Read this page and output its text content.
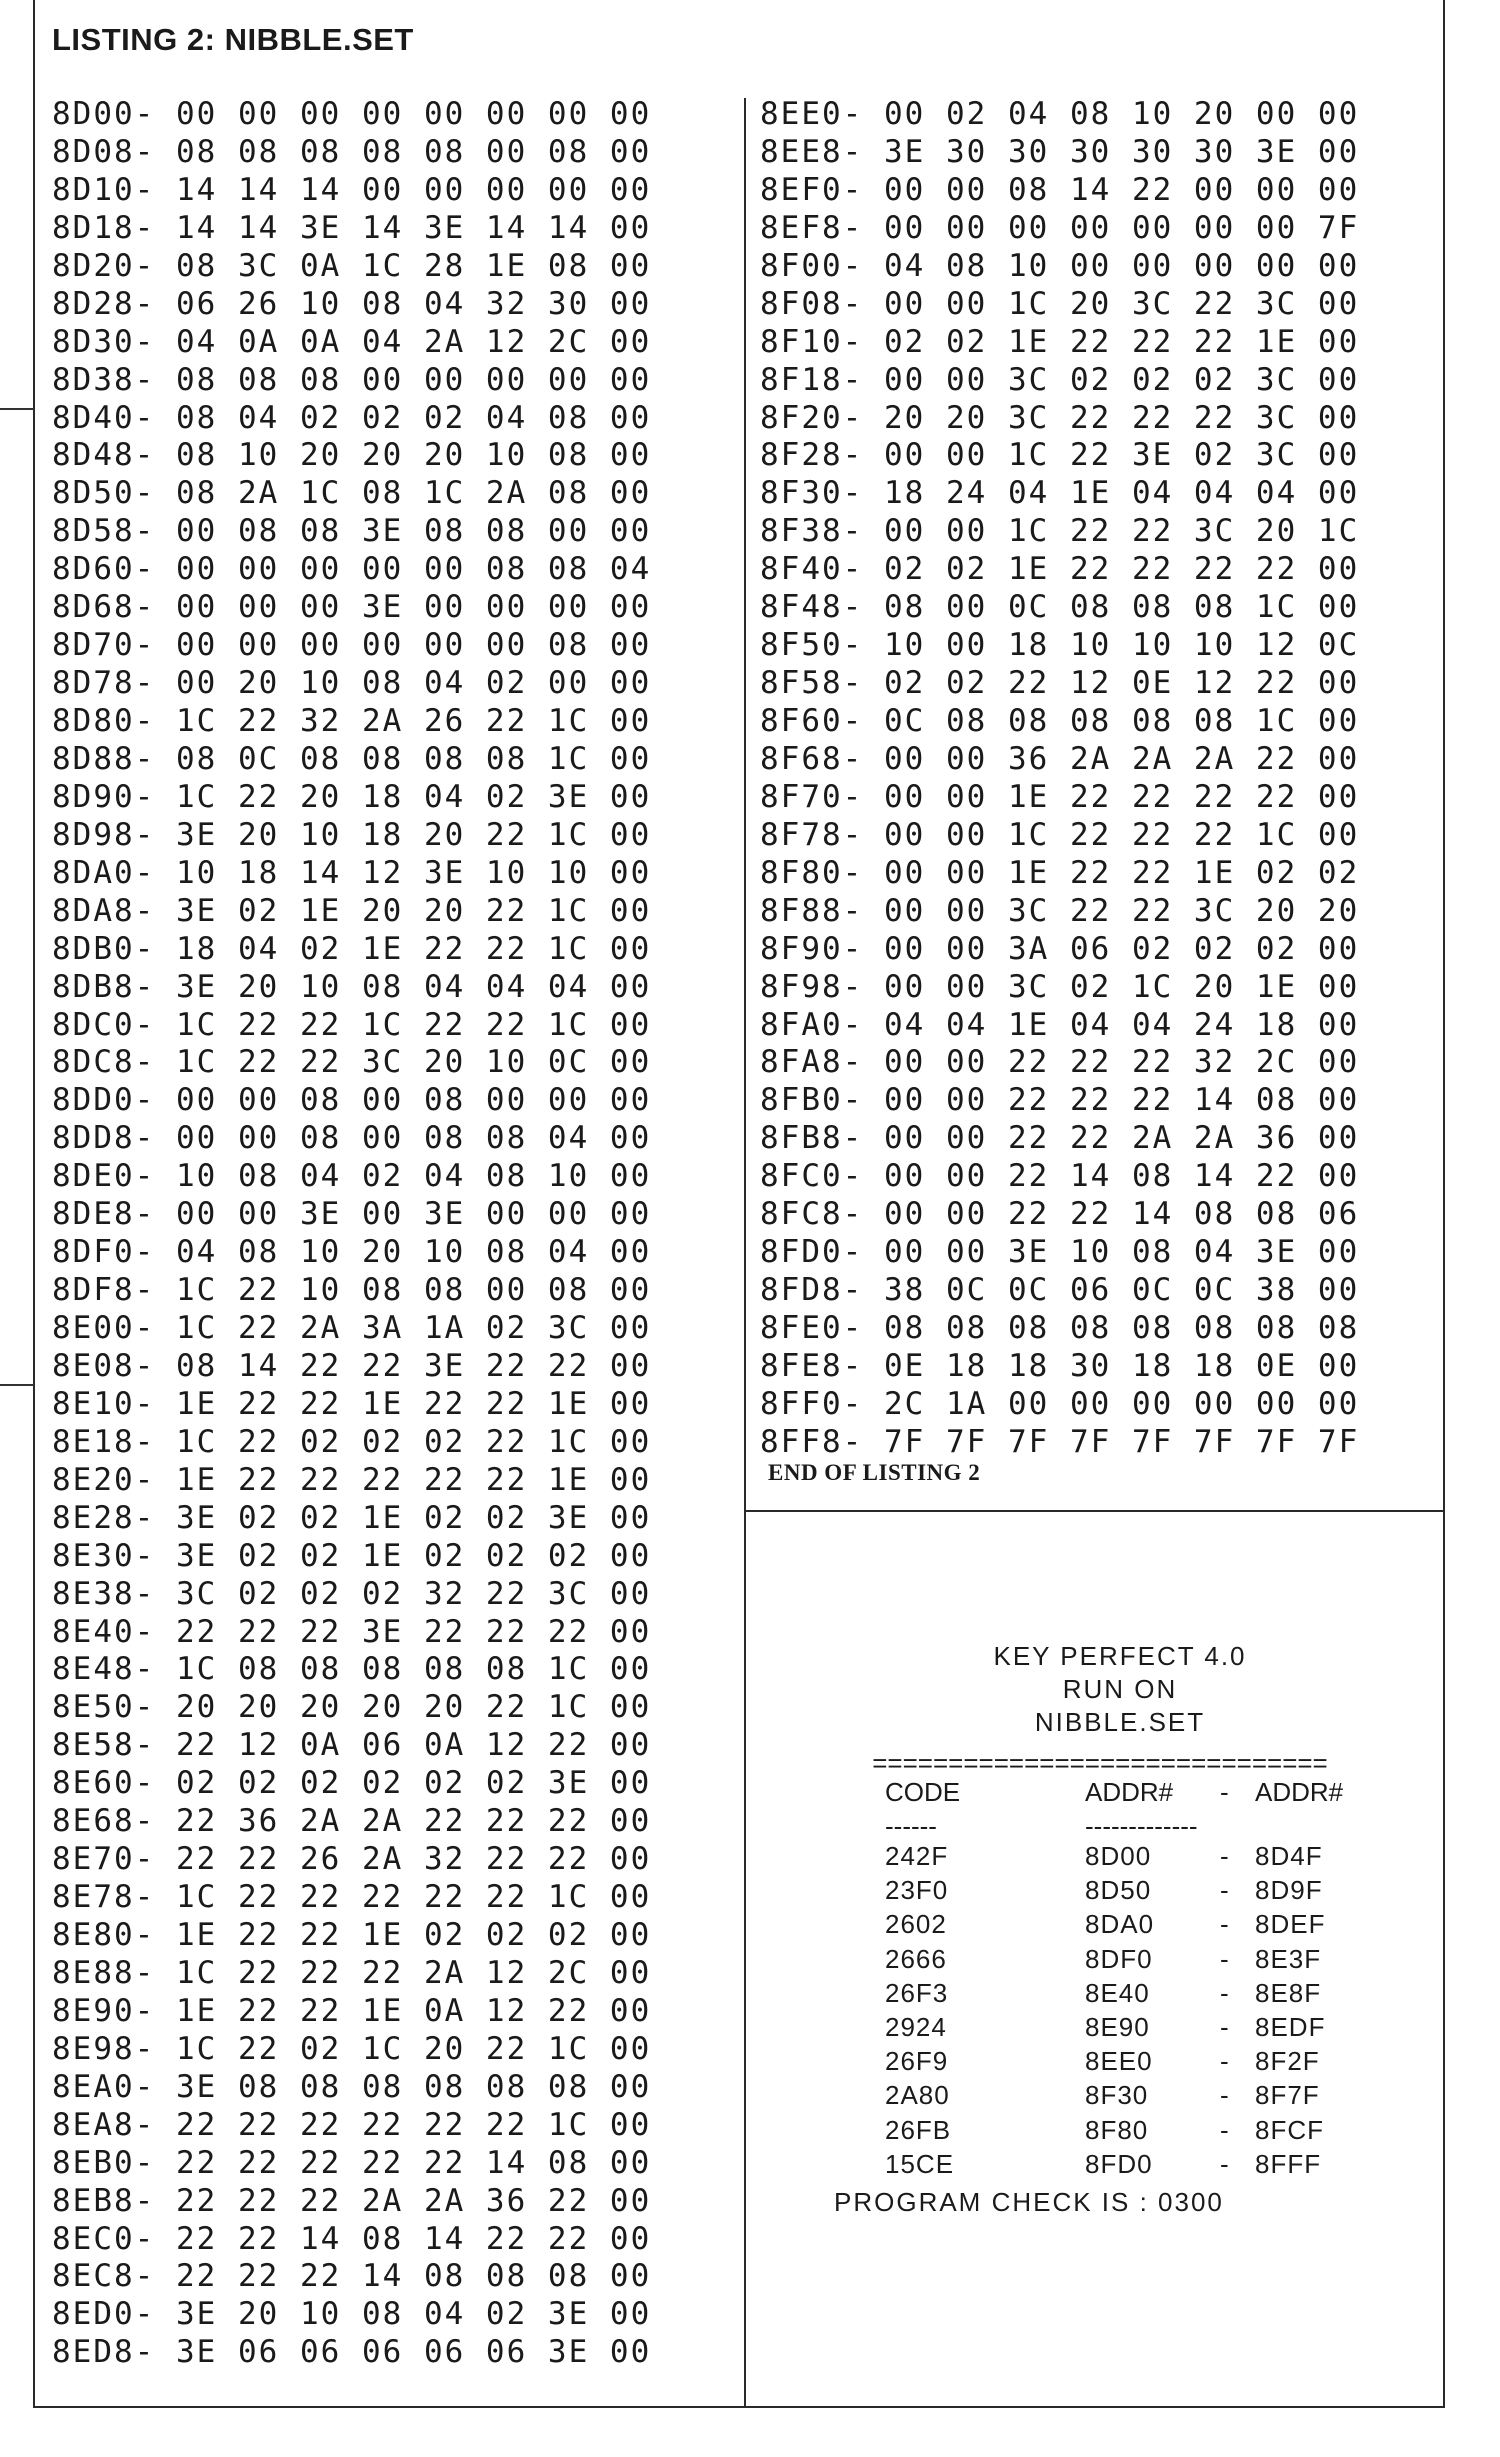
LISTING 2: NIBBLE.SET
8D00- 00 00 00 00 00 00 00 00
8D08- 08 08 08 08 08 00 08 00
8D10- 14 14 14 00 00 00 00 00
8D18- 14 14 3E 14 3E 14 14 00
8D20- 08 3C 0A 1C 28 1E 08 00
8D28- 06 26 10 08 04 32 30 00
8D30- 04 0A 0A 04 2A 12 2C 00
8D38- 08 08 08 00 00 00 00 00
8D40- 08 04 02 02 02 04 08 00
8D48- 08 10 20 20 20 10 08 00
8D50- 08 2A 1C 08 1C 2A 08 00
8D58- 00 08 08 3E 08 08 00 00
8D60- 00 00 00 00 00 08 08 04
8D68- 00 00 00 3E 00 00 00 00
8D70- 00 00 00 00 00 00 08 00
8D78- 00 20 10 08 04 02 00 00
8D80- 1C 22 32 2A 26 22 1C 00
8D88- 08 0C 08 08 08 08 1C 00
8D90- 1C 22 20 18 04 02 3E 00
8D98- 3E 20 10 18 20 22 1C 00
8DA0- 10 18 14 12 3E 10 10 00
8DA8- 3E 02 1E 20 20 22 1C 00
8DB0- 18 04 02 1E 22 22 1C 00
8DB8- 3E 20 10 08 04 04 04 00
8DC0- 1C 22 22 1C 22 22 1C 00
8DC8- 1C 22 22 3C 20 10 0C 00
8DD0- 00 00 08 00 08 00 00 00
8DD8- 00 00 08 00 08 08 04 00
8DE0- 10 08 04 02 04 08 10 00
8DE8- 00 00 3E 00 3E 00 00 00
8DF0- 04 08 10 20 10 08 04 00
8DF8- 1C 22 10 08 08 00 08 00
8E00- 1C 22 2A 3A 1A 02 3C 00
8E08- 08 14 22 22 3E 22 22 00
8E10- 1E 22 22 1E 22 22 1E 00
8E18- 1C 22 02 02 02 22 1C 00
8E20- 1E 22 22 22 22 22 1E 00
8E28- 3E 02 02 1E 02 02 3E 00
8E30- 3E 02 02 1E 02 02 02 00
8E38- 3C 02 02 02 32 22 3C 00
8E40- 22 22 22 3E 22 22 22 00
8E48- 1C 08 08 08 08 08 1C 00
8E50- 20 20 20 20 20 22 1C 00
8E58- 22 12 0A 06 0A 12 22 00
8E60- 02 02 02 02 02 02 3E 00
8E68- 22 36 2A 2A 22 22 22 00
8E70- 22 22 26 2A 32 22 22 00
8E78- 1C 22 22 22 22 22 1C 00
8E80- 1E 22 22 1E 02 02 02 00
8E88- 1C 22 22 22 2A 12 2C 00
8E90- 1E 22 22 1E 0A 12 22 00
8E98- 1C 22 02 1C 20 22 1C 00
8EA0- 3E 08 08 08 08 08 08 00
8EA8- 22 22 22 22 22 22 1C 00
8EB0- 22 22 22 22 22 14 08 00
8EB8- 22 22 22 2A 2A 36 22 00
8EC0- 22 22 14 08 14 22 22 00
8EC8- 22 22 22 14 08 08 08 00
8ED0- 3E 20 10 08 04 02 3E 00
8ED8- 3E 06 06 06 06 06 3E 00
8EE0- 00 02 04 08 10 20 00 00
8EE8- 3E 30 30 30 30 30 3E 00
8EF0- 00 00 08 14 22 00 00 00
8EF8- 00 00 00 00 00 00 00 7F
8F00- 04 08 10 00 00 00 00 00
8F08- 00 00 1C 20 3C 22 3C 00
8F10- 02 02 1E 22 22 22 1E 00
8F18- 00 00 3C 02 02 02 3C 00
8F20- 20 20 3C 22 22 22 3C 00
8F28- 00 00 1C 22 3E 02 3C 00
8F30- 18 24 04 1E 04 04 04 00
8F38- 00 00 1C 22 22 3C 20 1C
8F40- 02 02 1E 22 22 22 22 00
8F48- 08 00 0C 08 08 08 1C 00
8F50- 10 00 18 10 10 10 12 0C
8F58- 02 02 22 12 0E 12 22 00
8F60- 0C 08 08 08 08 08 1C 00
8F68- 00 00 36 2A 2A 2A 22 00
8F70- 00 00 1E 22 22 22 22 00
8F78- 00 00 1C 22 22 22 1C 00
8F80- 00 00 1E 22 22 1E 02 02
8F88- 00 00 3C 22 22 3C 20 20
8F90- 00 00 3A 06 02 02 02 00
8F98- 00 00 3C 02 1C 20 1E 00
8FA0- 04 04 1E 04 04 24 18 00
8FA8- 00 00 22 22 22 32 2C 00
8FB0- 00 00 22 22 22 14 08 00
8FB8- 00 00 22 22 2A 2A 36 00
8FC0- 00 00 22 14 08 14 22 00
8FC8- 00 00 22 22 14 08 08 06
8FD0- 00 00 3E 10 08 04 3E 00
8FD8- 38 0C 0C 06 0C 0C 38 00
8FE0- 08 08 08 08 08 08 08 08
8FE8- 0E 18 18 30 18 18 0E 00
8FF0- 2C 1A 00 00 00 00 00 00
8FF8- 7F 7F 7F 7F 7F 7F 7F 7F
END OF LISTING 2
KEY PERFECT 4.0
RUN ON
NIBBLE.SET
==============================
CODE	ADDR# - ADDR#
------	-------------
242F	8D00	- 8D4F
23F0	8D50	- 8D9F
2602	8DA0	- 8DEF
2666	8DF0	- 8E3F
26F3	8E40	- 8E8F
2924	8E90	- 8EDF
26F9	8EE0	- 8F2F
2A80	8F30	- 8F7F
26FB	8F80	- 8FCF
15CE	8FD0	- 8FFF
PROGRAM CHECK IS : 0300
